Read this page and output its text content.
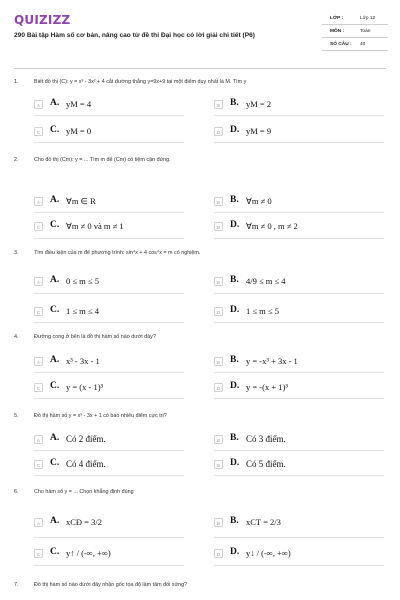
QUIZIZZ
290 Bài tập Hàm số cơ bản, nâng cao từ đề thi Đại học có lời giải chi tiết (P6)
LỚP :	Lớp 12
MÔN :	Toán
SỐ CÂU :	40
1.	Biết đồ thị (C): y = x³ - 3x² + 4 cắt đường thẳng y=9x+9 tại một điểm duy nhất là M. Tìm y
A	A. yM = 4	B	B. yM = 2
C	C. yM = 0	D	D. yM = 9
2.	Cho đồ thị (Cm): y = ... Tìm m để (Cm) có tiệm cận đứng.
A	A. ∀m ∈ R	B	B. ∀m ≠ 0
C	C. ∀m ≠ 0 và m ≠ 1	D	D. ∀m ≠ 0 , m ≠ 2
3.	Tìm điều kiện của m để phương trình: sin⁴x + 4 cos⁴x = m có nghiệm.
A	A. 0 ≤ m ≤ 5	B	B. 4/9 ≤ m ≤ 4
C	C. 1 ≤ m ≤ 4	D	D. 1 ≤ m ≤ 5
4.	Đường cong ở bên là đồ thị hàm số nào dưới đây?
A	A. x³ - 3x - 1	B	B. y = -x³ + 3x - 1
C	C. y = (x - 1)³	D	D. y = -(x + 1)³
5.	Đồ thị hàm số y = x³ - 3x + 1 có bao nhiêu điểm cực trị?
A	A. Có 2 điểm.	B	B. Có 3 điểm.
C	C. Có 4 điểm.	D	D. Có 5 điểm.
6.	Cho hàm số y = ... Chọn khẳng định đúng
A	A. xCĐ = 3/2	B	B. xCT = 2/3
C	C. y↑ / (-∞, +∞)	D	D. y↓ / (-∞, +∞)
7.	Đồ thị hàm số nào dưới đây nhận gốc tọa độ làm tâm đối xứng?
